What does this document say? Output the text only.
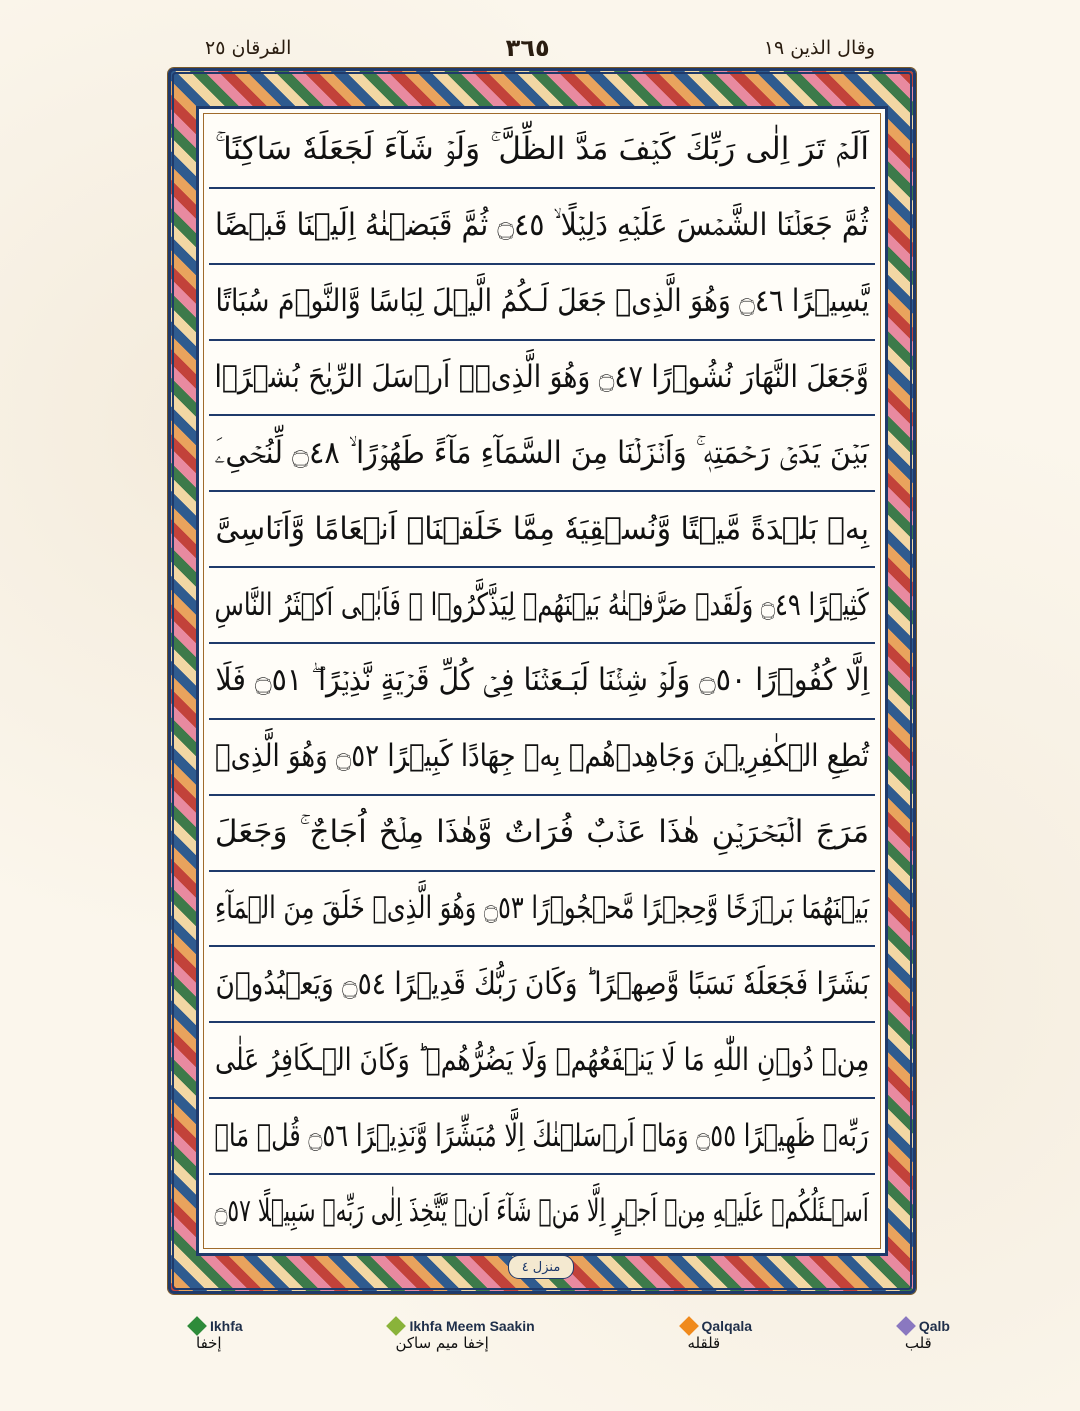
الفرقان ٢٥	٣٦٥	وقال الذين ١٩
اَلَمۡ تَرَ اِلٰى رَبِّكَ كَيۡفَ مَدَّ الظِّلَّ ۚ وَلَوۡ شَآءَ لَجَعَلَهٗ سَاكِنًا ۚ
ثُمَّ جَعَلۡنَا الشَّمۡسَ عَلَيۡهِ دَلِيۡلًا ۙ ۝٤٥ ثُمَّ قَبَضۡنٰهُ اِلَيۡنَا قَبۡضًا
يَّسِيۡرًا ۝٤٦ وَهُوَ الَّذِىۡ جَعَلَ لَـكُمُ الَّيۡلَ لِبَاسًا وَّالنَّوۡمَ سُبَاتًا
وَّجَعَلَ النَّهَارَ نُشُوۡرًا ۝٤٧ وَهُوَ الَّذِىۡۤ اَرۡسَلَ الرِّيٰحَ بُشۡرًۢا
بَيۡنَ يَدَىۡ رَحۡمَتِهٖ ۚ وَاَنۡزَلۡنَا مِنَ السَّمَآءِ مَآءً طَهُوۡرًا ۙ ۝٤٨ لِّنُحۡیِۦَ
بِهٖ بَلۡدَةً مَّيۡتًا وَّنُسۡقِيَهٗ مِمَّا خَلَقۡنَاۤ اَنۡعَامًا وَّاَنَاسِىَّ
كَثِيۡرًا ۝٤٩ وَلَقَدۡ صَرَّفۡنٰهُ بَيۡنَهُمۡ لِيَذَّكَّرُوۡا ۖ فَاَبٰۤى اَكۡثَرُ النَّاسِ
اِلَّا كُفُوۡرًا ۝٥٠ وَلَوۡ شِئۡنَا لَبَـعَثۡنَا فِىۡ كُلِّ قَرۡيَةٍ نَّذِيۡرًا ۖ ۝٥١ فَلَا
تُطِعِ الۡكٰفِرِيۡنَ وَجَاهِدۡهُمۡ بِهٖ جِهَادًا كَبِيۡرًا ۝٥٢ وَهُوَ الَّذِىۡ
مَرَجَ الۡبَحۡرَيۡنِ هٰذَا عَذۡبٌ فُرَاتٌ وَّهٰذَا مِلۡحٌ اُجَاجٌ ۚ وَجَعَلَ
بَيۡنَهُمَا بَرۡزَخًا وَّحِجۡرًا مَّحۡجُوۡرًا ۝٥٣ وَهُوَ الَّذِىۡ خَلَقَ مِنَ الۡمَآءِ
بَشَرًا فَجَعَلَهٗ نَسَبًا وَّصِهۡرًا ؕ وَكَانَ رَبُّكَ قَدِيۡرًا ۝٥٤ وَيَعۡبُدُوۡنَ
مِنۡ دُوۡنِ اللّٰهِ مَا لَا يَنۡفَعُهُمۡ وَلَا يَضُرُّهُمۡ ؕ وَكَانَ الۡـكَافِرُ عَلٰى
رَبِّهٖ ظَهِيۡرًا ۝٥٥ وَمَاۤ اَرۡسَلۡنٰكَ اِلَّا مُبَشِّرًا وَّنَذِيۡرًا ۝٥٦ قُلۡ مَاۤ
اَسۡـئَلُكُمۡ عَلَيۡهِ مِنۡ اَجۡرٍ اِلَّا مَنۡ شَآءَ اَنۡ يَّتَّخِذَ اِلٰى رَبِّهٖ سَبِيۡلًا ۝٥٧
منزل ٤
Ikhfa
إخفا
Ikhfa Meem Saakin
إخفا ميم ساكن
Qalqala
قلقله
Qalb
قلب
